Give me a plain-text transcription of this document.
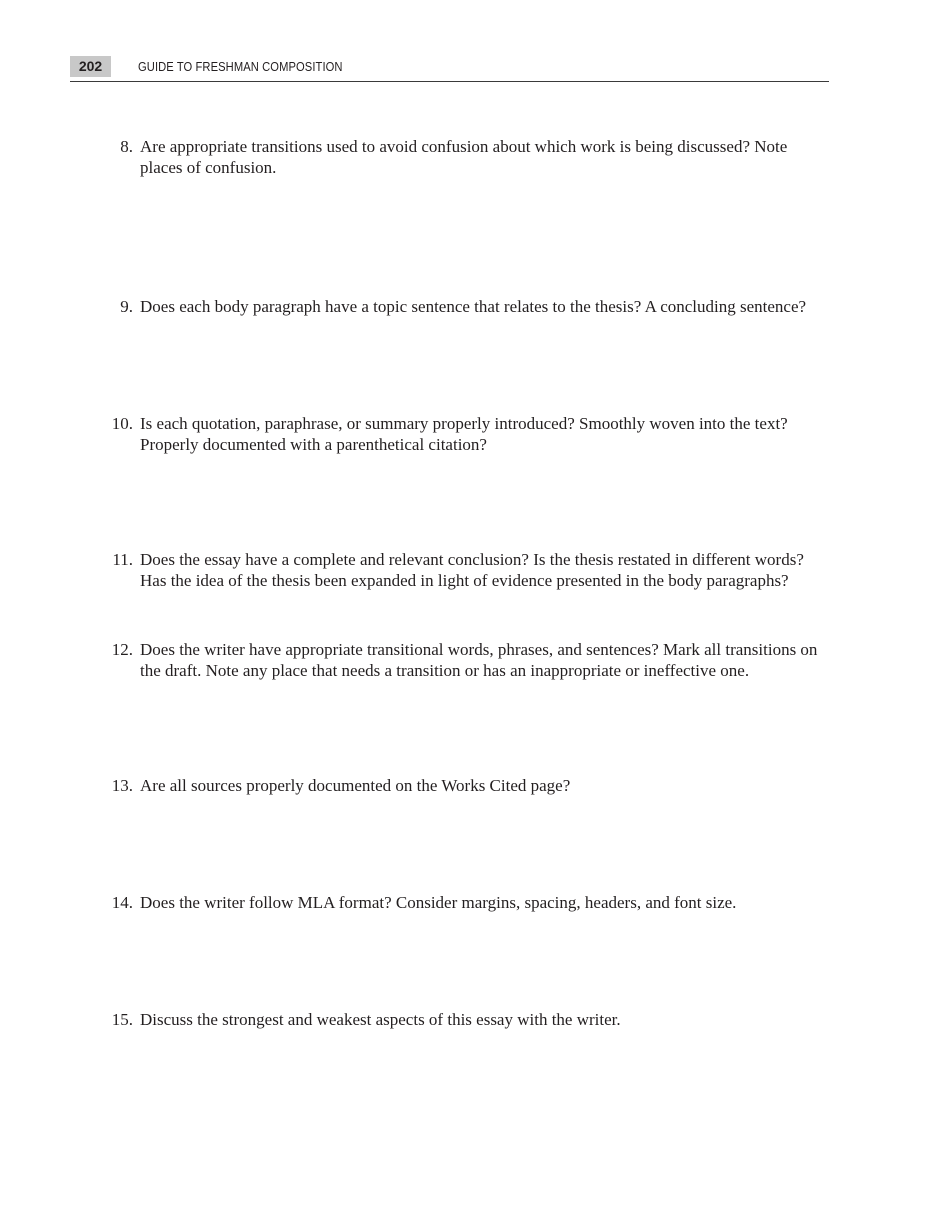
202	GUIDE TO FRESHMAN COMPOSITION
8. Are appropriate transitions used to avoid confusion about which work is being discussed? Note
places of confusion.
9. Does each body paragraph have a topic sentence that relates to the thesis? A concluding sentence?
10. Is each quotation, paraphrase, or summary properly introduced? Smoothly woven into the text?
Properly documented with a parenthetical citation?
11. Does the essay have a complete and relevant conclusion? Is the thesis restated in different words?
Has the idea of the thesis been expanded in light of evidence presented in the body paragraphs?
12. Does the writer have appropriate transitional words, phrases, and sentences? Mark all transitions on
the draft. Note any place that needs a transition or has an inappropriate or ineffective one.
13. Are all sources properly documented on the Works Cited page?
14. Does the writer follow MLA format? Consider margins, spacing, headers, and font size.
15. Discuss the strongest and weakest aspects of this essay with the writer.
